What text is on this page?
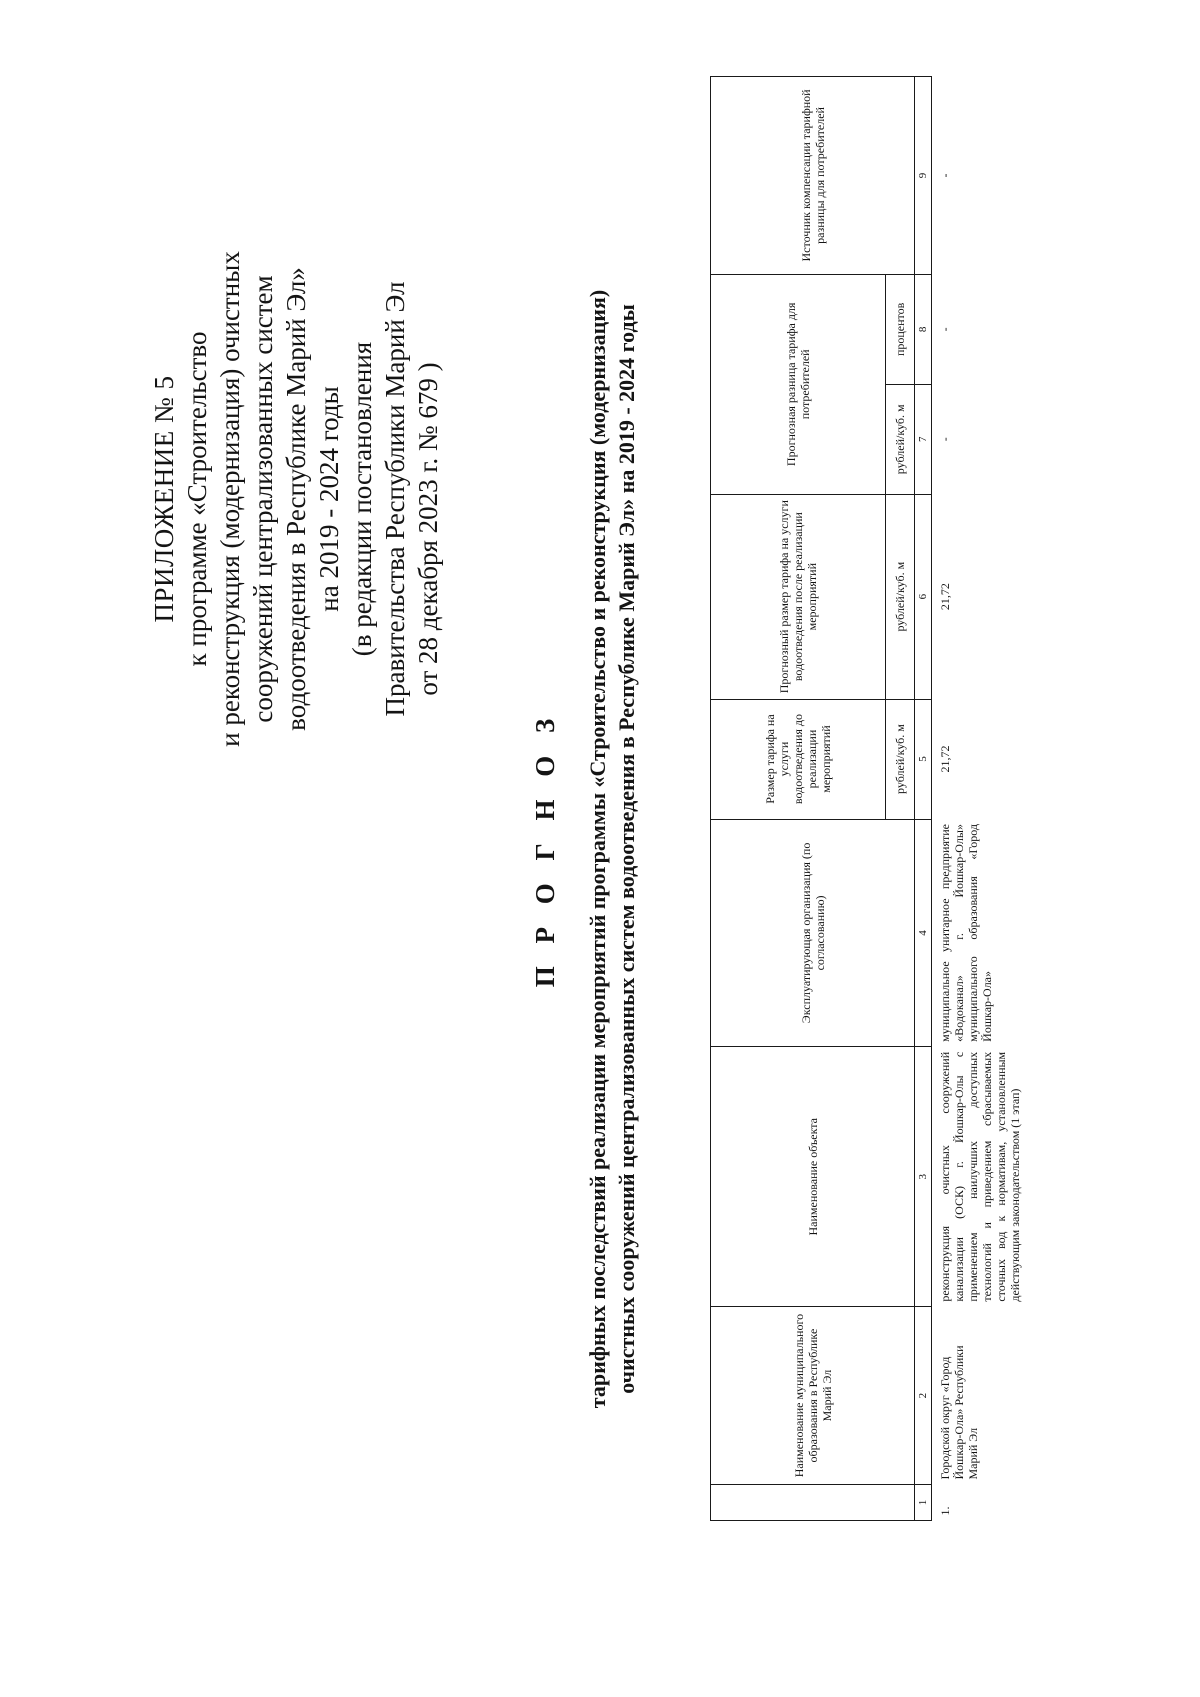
ПРИЛОЖЕНИЕ № 5 к программе «Строительство и реконструкция (модернизация) очистных сооружений централизованных систем водоотведения в Республике Марий Эл» на 2019 - 2024 годы (в редакции постановления Правительства Республики Марий Эл от 28 декабря 2023 г. № 679 )
П Р О Г Н О З тарифных последствий реализации мероприятий программы «Строительство и реконструкция (модернизация) очистных сооружений централизованных систем водоотведения в Республике Марий Эл» на 2019 - 2024 годы
	Наименование муниципального образования в Республике Марий Эл	Наименование объекта	Эксплуатирующая организация (по согласованию)	Размер тарифа на услуги водоотведения до реализации мероприятий	Прогнозный размер тарифа на услуги водоотведения после реализации мероприятий	Прогнозная разница тарифа для потребителей		Источник компенсации тарифной разницы для потребителей
				рублей/куб. м	рублей/куб. м	рублей/куб. м	процентов	
1	2	3	4	5	6	7	8	9
1.	Городской округ «Город Йошкар-Ола» Республики Марий Эл	реконструкция очистных сооружений канализации (ОСК) г. Йошкар-Олы с применением наилучших доступных технологий и приведением сбрасываемых сточных вод к нормативам, установленным действующим законодательством (1 этап)	муниципальное унитарное предприятие «Водоканал» г. Йошкар-Олы» муниципального образования «Город Йошкар-Ола»	21,72	21,72	-	-	-
